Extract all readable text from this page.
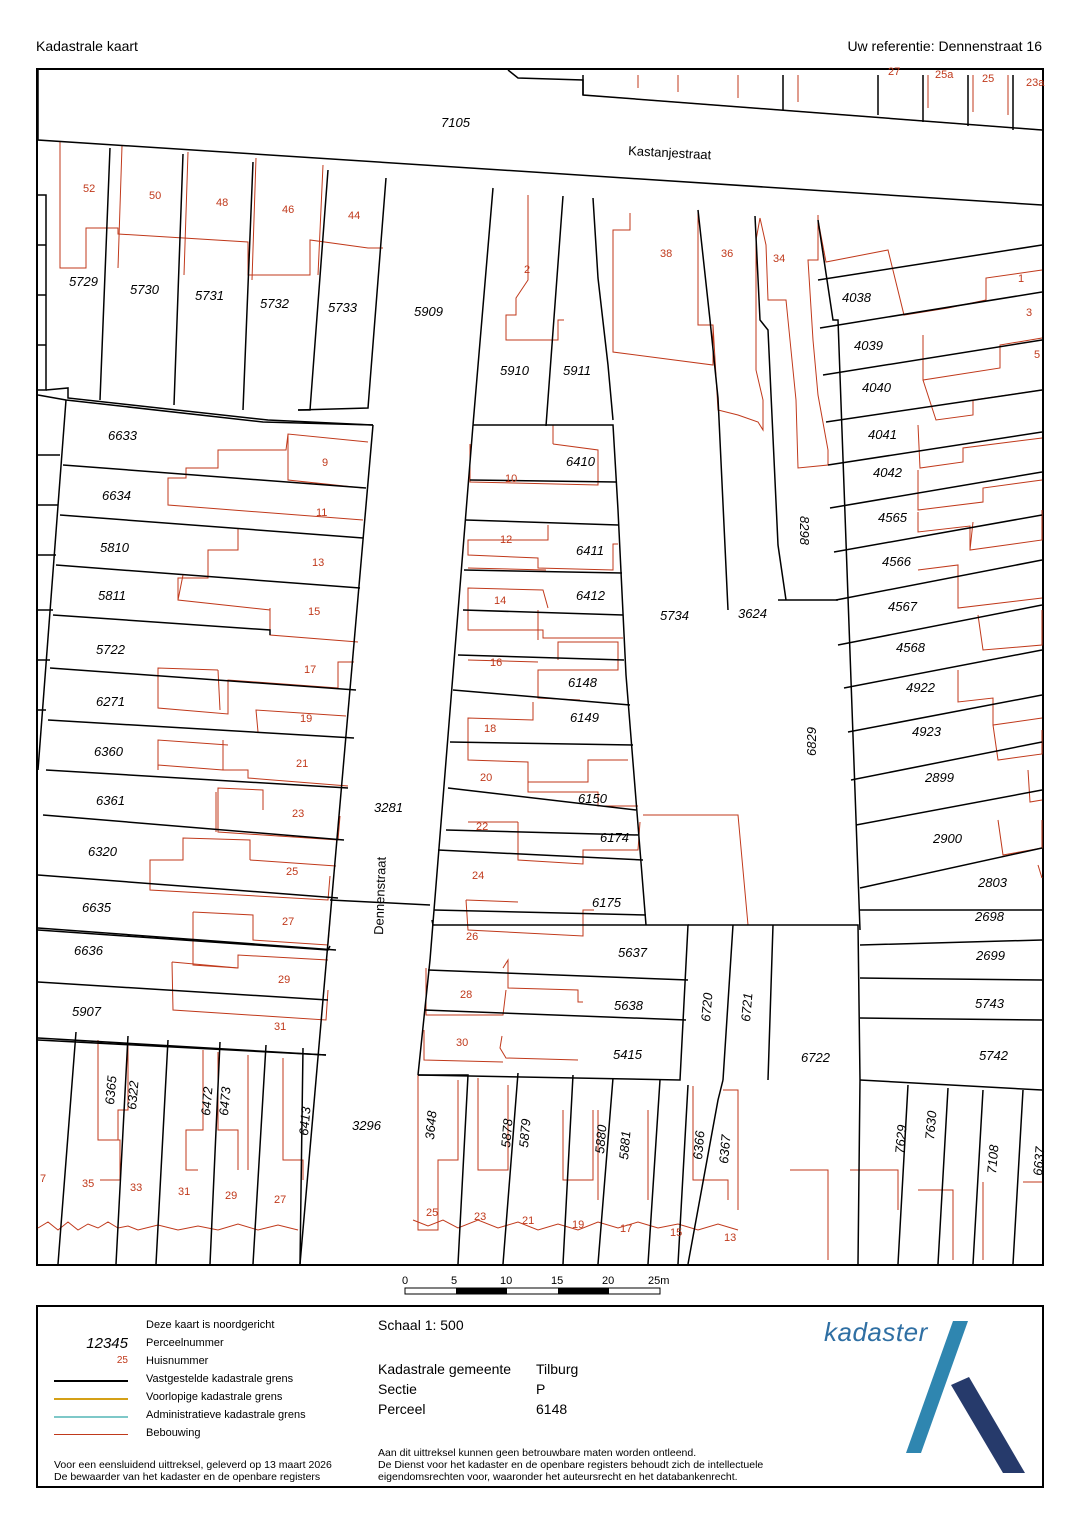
Kadastrale kaart	Uw referentie: Dennenstraat 16
Kastanjestraat
Dennenstraat
7105
5729
5730	5731
5732	5733	5909
5910	5911
4038
4039
4040
4041
4042
4565
4566
4567
4568
4922
4923
2899
2900
2803
2698
2699
5743
5742
6633
6634
5810
5811
5722
6271
6360
6361
6320
6635
6636
5907
6410
6411
6412
6148
6149
6150
6174
6175
5637
5638
5415
5734	3624
8298
6829
3281
3296
6720 6721
6722
6365 6322	6472 6473
6413	3648	5878 5879	5880 5881	6366 6367	7629 7630
7108 6637
27	25a	25	23a
52
50
48
46	44
2
38	36	34
1
3
5
9
11
13
15
17
19
21
23
25
27
29
31
10
12
14
16
18
20
22
24
26
28
30
35	33	31	29	27
25	23	21	19	17	15	13
7
0	5	10	15	20	25m
Deze kaart is noordgericht
12345 Perceelnummer
25 Huisnummer
Vastgestelde kadastrale grens
Voorlopige kadastrale grens
Administratieve kadastrale grens
Bebouwing
Voor een eensluidend uittreksel, geleverd op 13 maart 2026
De bewaarder van het kadaster en de openbare registers
Schaal 1: 500
Kadastrale gemeente Tilburg
Sectie	P
Perceel	6148
Aan dit uittreksel kunnen geen betrouwbare maten worden ontleend.
De Dienst voor het kadaster en de openbare registers behoudt zich de intellectuele
eigendomsrechten voor, waaronder het auteursrecht en het databankenrecht.
kadaster
